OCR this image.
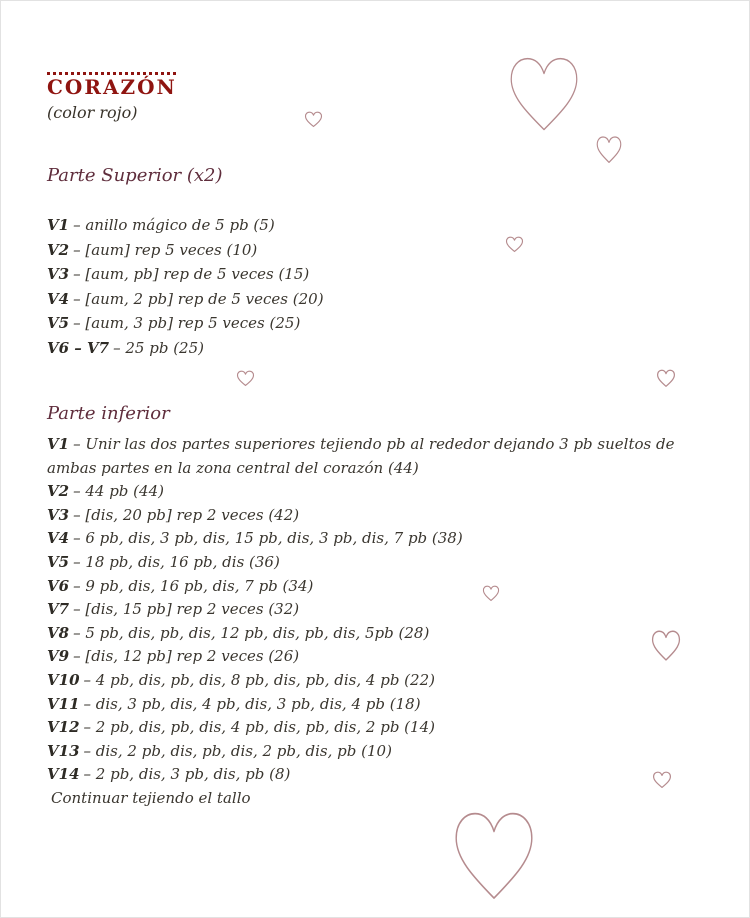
CORAZÓN
(color rojo)
Parte Superior (x2)
V1 – anillo mágico de 5 pb (5)
V2 – [aum] rep 5 veces (10)
V3 – [aum, pb] rep de 5 veces (15)
V4 – [aum, 2 pb] rep de 5 veces (20)
V5 – [aum, 3 pb] rep 5 veces (25)
V6 – V7 – 25 pb (25)
Parte inferior
V1 – Unir las dos partes superiores tejiendo pb al rededor dejando 3 pb sueltos de ambas partes en la zona central del corazón (44)
V2 – 44 pb (44)
V3 – [dis, 20 pb] rep 2 veces (42)
V4 – 6 pb, dis, 3 pb, dis, 15 pb, dis, 3 pb, dis, 7 pb (38)
V5 – 18 pb, dis, 16 pb, dis (36)
V6 – 9 pb, dis, 16 pb, dis, 7 pb (34)
V7 – [dis, 15 pb] rep 2 veces (32)
V8 – 5 pb, dis, pb, dis, 12 pb, dis, pb, dis, 5pb (28)
V9 – [dis, 12 pb] rep 2 veces (26)
V10 – 4 pb, dis, pb, dis, 8 pb, dis, pb, dis, 4 pb (22)
V11 – dis, 3 pb, dis, 4 pb, dis, 3 pb, dis, 4 pb (18)
V12 – 2 pb, dis, pb, dis, 4 pb, dis, pb, dis, 2 pb (14)
V13 – dis, 2 pb, dis, pb, dis, 2 pb, dis, pb (10)
V14 – 2 pb, dis, 3 pb, dis, pb (8)
Continuar tejiendo el tallo
